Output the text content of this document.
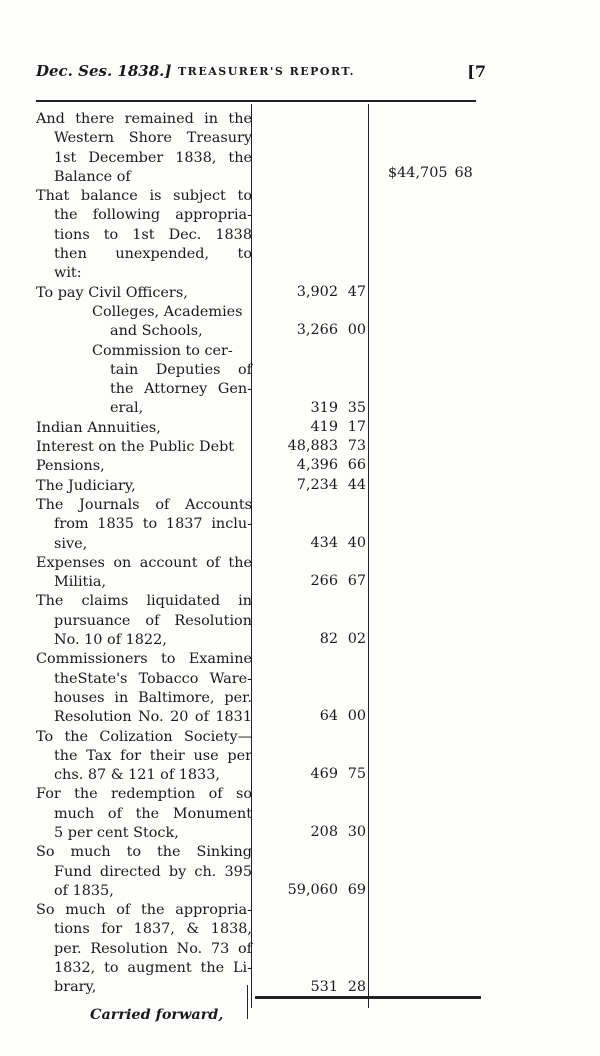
Dec. Ses. 1838.] TREASURER'S REPORT.	[7
And there remained in the
Western Shore Treasury
1st December 1838, the
Balance of
That balance is subject to
the following appropria-
tions to 1st Dec. 1838
then unexpended, to
wit:
To pay Civil Officers,
Colleges, Academies
and Schools,
Commission to cer-
tain Deputies of
the Attorney Gen-
eral,
Indian Annuities,
Interest on the Public Debt
Pensions,
The Judiciary,
The Journals of Accounts
from 1835 to 1837 inclu-
sive,
Expenses on account of the
Militia,
The claims liquidated in
pursuance of Resolution
No. 10 of 1822,
Commissioners to Examine
theState's Tobacco Ware-
houses in Baltimore, per.
Resolution No. 20 of 1831
To the Colization Society—
the Tax for their use per
chs. 87 & 121 of 1833,
For the redemption of so
much of the Monument
5 per cent Stock,
So much to the Sinking
Fund directed by ch. 395
of 1835,
So much of the appropria-
tions for 1837, & 1838,
per. Resolution No. 73 of
1832, to augment the Li-
brary,
3,902 47
3,266 00
319 35
419 17
48,883 73
4,396 66
7,234 44
434 40
266 67
82 02
64 00
469 75
208 30
59,060 69
531 28
$44,705 68
Carried forward,
